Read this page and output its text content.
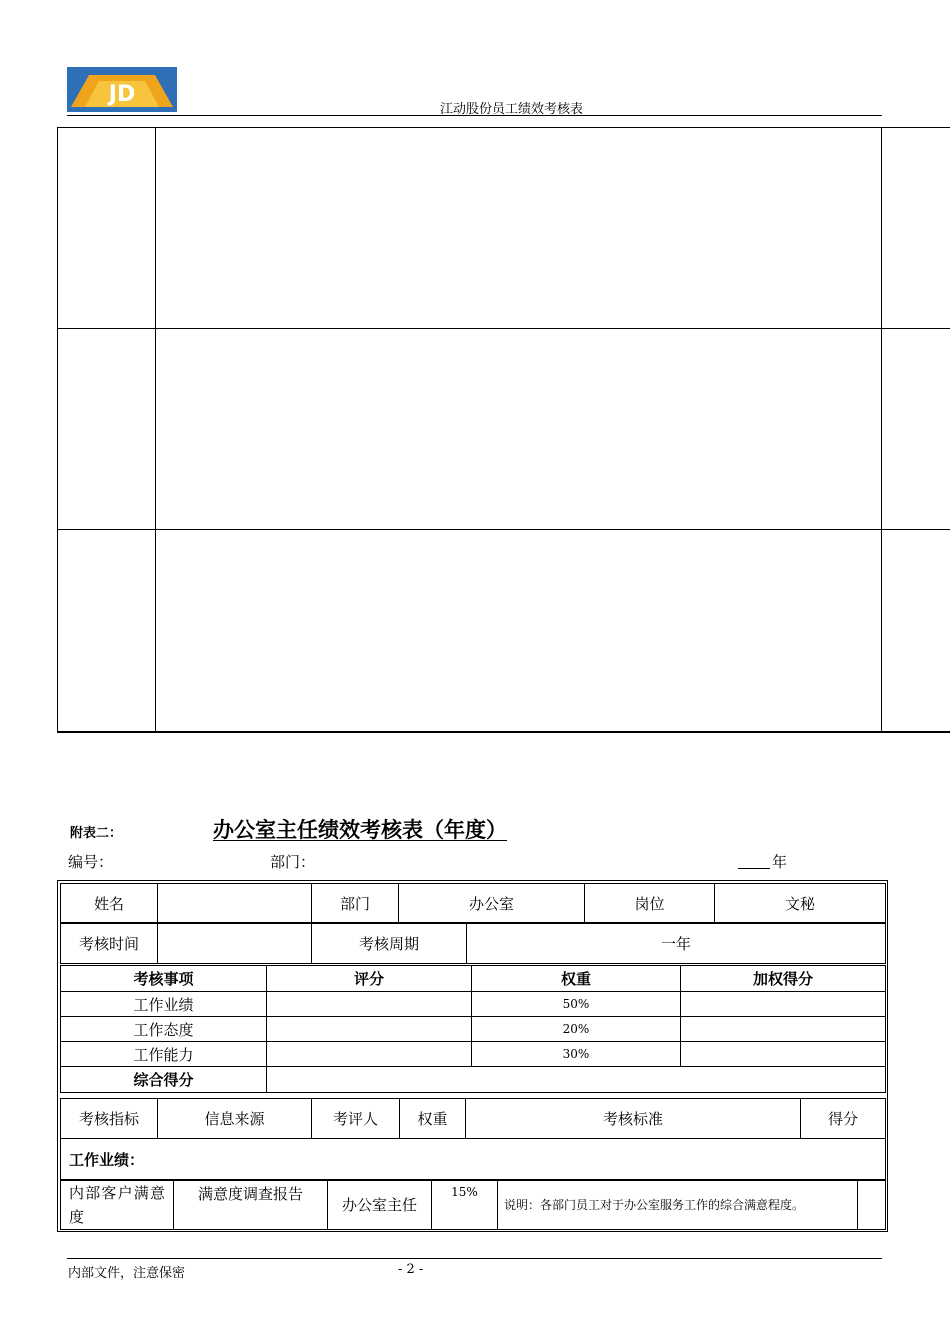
JD
江动股份员工绩效考核表

附表二：	办公室主任绩效考核表（年度）
编号：	部门：	年
姓名		部门	办公室	岗位	文秘
考核时间		考核周期	一年
考核事项	评分	权重	加权得分
工作业绩		50%	
工作态度		20%	
工作能力		30%	
综合得分			
考核指标	信息来源	考评人	权重	考核标准	得分
工作业绩：
内部客户满意度	满意度调查报告	办公室主任	15%	说明：各部门员工对于办公室服务工作的综合满意程度。	
内部文件，注意保密	- 2 -
